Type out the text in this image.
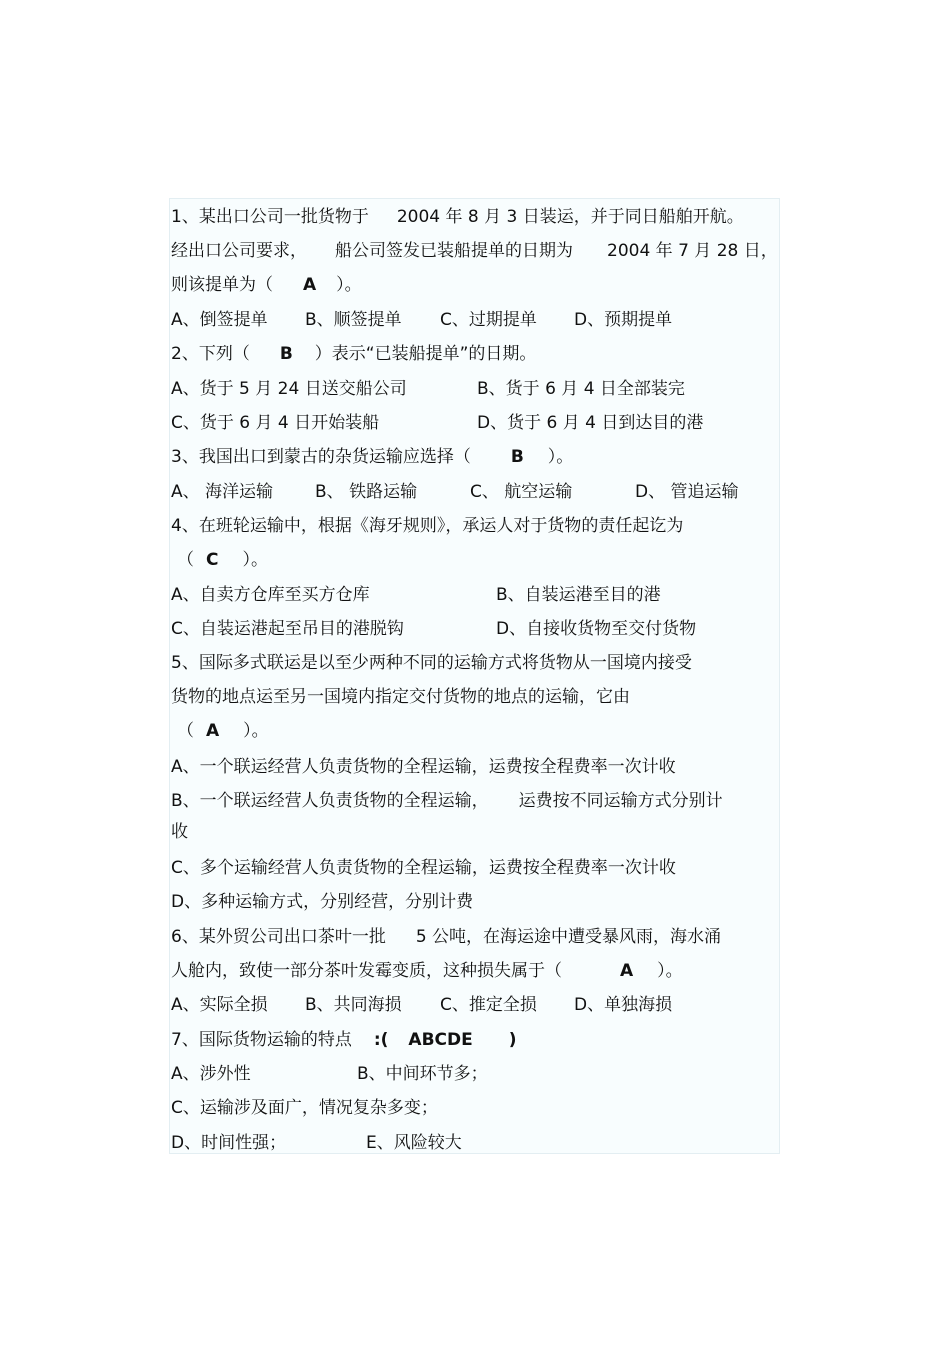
1、某出口公司一批货物于 2004 年 8 月 3 日装运，并于同日船舶开航。
经出口公司要求， 船公司签发已装船提单的日期为 2004 年 7 月 28 日，
则该提单为（ A ）。
A、倒签提单 B、顺签提单 C、过期提单 D、预期提单
2、下列（ B ）表示“已装船提单”的日期。
A、货于 5 月 24 日送交船公司	B、货于 6 月 4 日全部装完
C、货于 6 月 4 日开始装船	D、货于 6 月 4 日到达目的港
3、我国出口到蒙古的杂货运输应选择（ B ）。
A、 海洋运输 B、 铁路运输	C、 航空运输	D、 管追运输
4、在班轮运输中，根据《海牙规则》，承运人对于货物的责任起讫为
（ C ）。
A、自卖方仓库至买方仓库	B、自装运港至目的港
C、自装运港起至吊目的港脱钩	D、自接收货物至交付货物
5、国际多式联运是以至少两种不同的运输方式将货物从一国境内接受
货物的地点运至另一国境内指定交付货物的地点的运输，它由
（ A ）。
A、一个联运经营人负责货物的全程运输，运费按全程费率一次计收
B、一个联运经营人负责货物的全程运输， 运费按不同运输方式分别计
收
C、多个运输经营人负责货物的全程运输，运费按全程费率一次计收
D、多种运输方式，分别经营，分别计费
6、某外贸公司出口茶叶一批 5 公吨，在海运途中遭受暴风雨，海水涌
人舱内，致使一部分茶叶发霉变质，这种损失属于（	A ）。
A、实际全损 B、共同海损 C、推定全损 D、单独海损
7、国际货物运输的特点 :( ABCDE )
A、涉外性	B、中间环节多；
C、运输涉及面广，情况复杂多变；
D、时间性强；	E、风险较大
